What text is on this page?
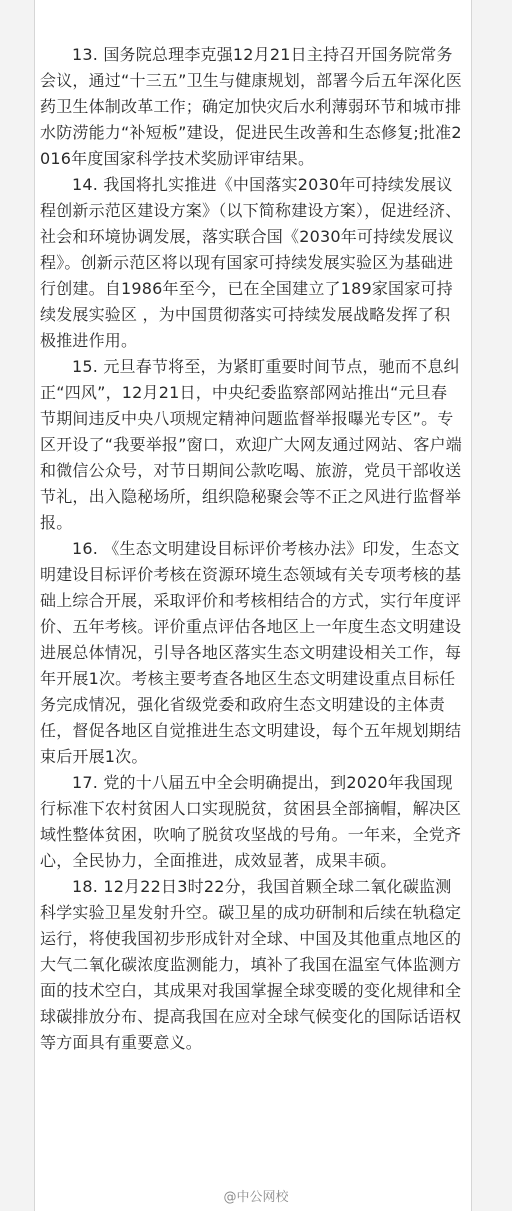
13. 国务院总理李克强12月21日主持召开国务院常务会议，通过“十三五”卫生与健康规划，部署今后五年深化医药卫生体制改革工作；确定加快灾后水利薄弱环节和城市排水防涝能力“补短板”建设，促进民生改善和生态修复;批准2016年度国家科学技术奖励评审结果。

14. 我国将扎实推进《中国落实2030年可持续发展议程创新示范区建设方案》（以下简称建设方案），促进经济、社会和环境协调发展，落实联合国《2030年可持续发展议程》。创新示范区将以现有国家可持续发展实验区为基础进行创建。自1986年至今，已在全国建立了189家国家可持续发展实验区 ，为中国贯彻落实可持续发展战略发挥了积极推进作用。

15. 元旦春节将至，为紧盯重要时间节点，驰而不息纠正“四风”，12月21日，中央纪委监察部网站推出“元旦春节期间违反中央八项规定精神问题监督举报曝光专区”。专区开设了“我要举报”窗口，欢迎广大网友通过网站、客户端和微信公众号，对节日期间公款吃喝、旅游，党员干部收送节礼，出入隐秘场所，组织隐秘聚会等不正之风进行监督举报。

16. 《生态文明建设目标评价考核办法》印发，生态文明建设目标评价考核在资源环境生态领域有关专项考核的基础上综合开展，采取评价和考核相结合的方式，实行年度评价、五年考核。评价重点评估各地区上一年度生态文明建设进展总体情况，引导各地区落实生态文明建设相关工作，每年开展1次。考核主要考查各地区生态文明建设重点目标任务完成情况，强化省级党委和政府生态文明建设的主体责任，督促各地区自觉推进生态文明建设，每个五年规划期结束后开展1次。

17. 党的十八届五中全会明确提出，到2020年我国现行标准下农村贫困人口实现脱贫，贫困县全部摘帽，解决区域性整体贫困，吹响了脱贫攻坚战的号角。一年来，全党齐心，全民协力，全面推进，成效显著，成果丰硕。

18. 12月22日3时22分，我国首颗全球二氧化碳监测科学实验卫星发射升空。碳卫星的成功研制和后续在轨稳定运行，将使我国初步形成针对全球、中国及其他重点地区的大气二氧化碳浓度监测能力，填补了我国在温室气体监测方面的技术空白，其成果对我国掌握全球变暖的变化规律和全球碳排放分布、提高我国在应对全球气候变化的国际话语权等方面具有重要意义。

@中公网校
